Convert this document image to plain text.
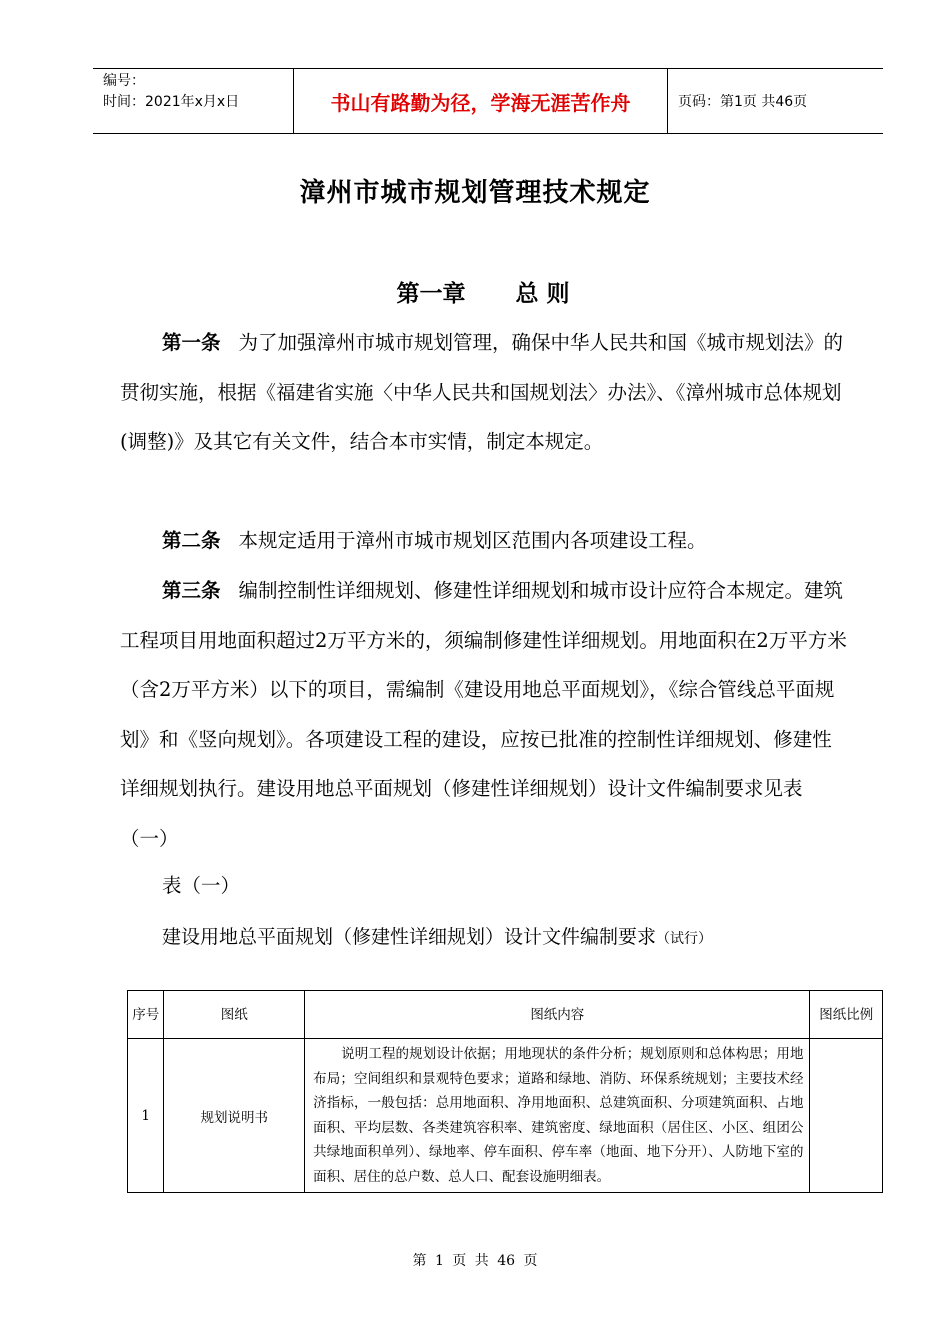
编号：
时间：2021年x月x日	书山有路勤为径，学海无涯苦作舟	页码：第1页 共46页
漳州市城市规划管理技术规定
第一章 总 则

第一条 为了加强漳州市城市规划管理，确保中华人民共和国《城市规划法》的贯彻实施，根据《福建省实施〈中华人民共和国规划法〉办法》、《漳州城市总体规划(调整)》及其它有关文件，结合本市实情，制定本规定。

第二条 本规定适用于漳州市城市规划区范围内各项建设工程。

第三条 编制控制性详细规划、修建性详细规划和城市设计应符合本规定。建筑工程项目用地面积超过2万平方米的，须编制修建性详细规划。用地面积在2万平方米（含2万平方米）以下的项目，需编制《建设用地总平面规划》，《综合管线总平面规划》和《竖向规划》。各项建设工程的建设，应按已批准的控制性详细规划、修建性详细规划执行。建设用地总平面规划（修建性详细规划）设计文件编制要求见表（一）

表（一）
建设用地总平面规划（修建性详细规划）设计文件编制要求（试行）
序号	图纸	图纸内容	图纸比例
1	规划说明书	说明工程的规划设计依据；用地现状的条件分析；规划原则和总体构思；用地布局；空间组织和景观特色要求；道路和绿地、消防、环保系统规划；主要技术经济指标，一般包括：总用地面积、净用地面积、总建筑面积、分项建筑面积、占地面积、平均层数、各类建筑容积率、建筑密度、绿地面积（居住区、小区、组团公共绿地面积单列）、绿地率、停车面积、停车率（地面、地下分开）、人防地下室的面积、居住的总户数、总人口、配套设施明细表。	
第 1 页 共 46 页
